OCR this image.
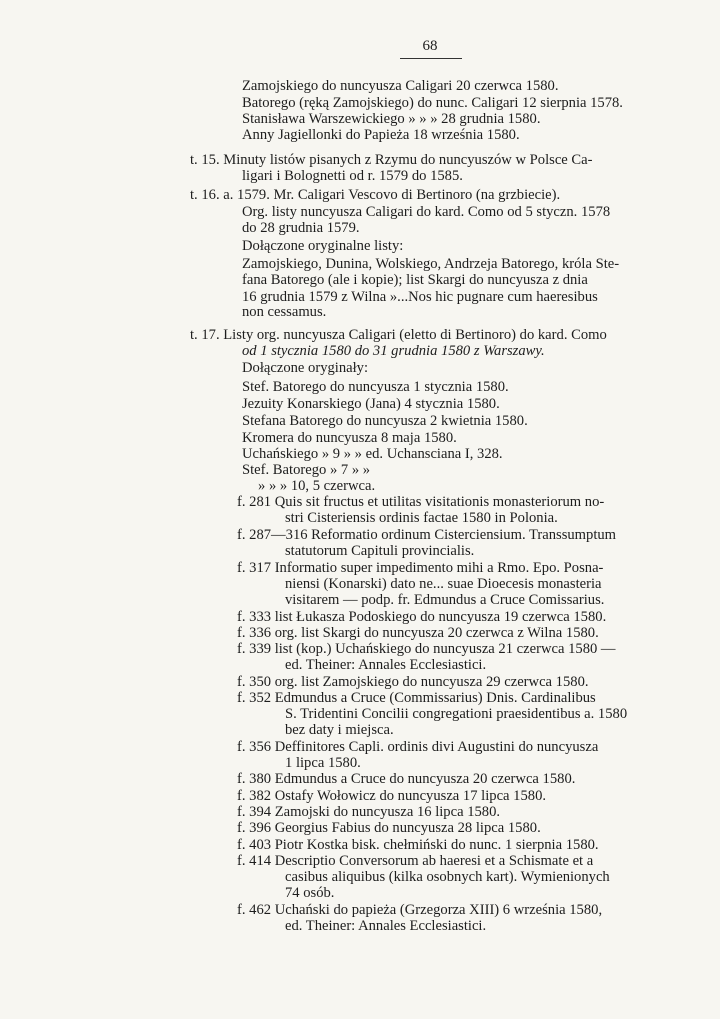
68
Zamojskiego do nuncyusza Caligari 20 czerwca 1580.
Batorego (ręką Zamojskiego) do nunc. Caligari 12 sierpnia 1578.
Stanisława Warszewickiego » » » 28 grudnia 1580.
Anny Jagiellonki do Papieża 18 września 1580.
t. 15. Minuty listów pisanych z Rzymu do nuncyuszów w Polsce Ca-
ligari i Bolognetti od r. 1579 do 1585.
t. 16. a. 1579. Mr. Caligari Vescovo di Bertinoro (na grzbiecie).
Org. listy nuncyusza Caligari do kard. Como od 5 styczn. 1578
do 28 grudnia 1579.
Dołączone oryginalne listy:
Zamojskiego, Dunina, Wolskiego, Andrzeja Batorego, króla Ste-
fana Batorego (ale i kopie); list Skargi do nuncyusza z dnia
16 grudnia 1579 z Wilna »...Nos hic pugnare cum haeresibus
non cessamus.
t. 17. Listy org. nuncyusza Caligari (eletto di Bertinoro) do kard. Como
od 1 stycznia 1580 do 31 grudnia 1580 z Warszawy.
Dołączone oryginały:
Stef. Batorego do nuncyusza 1 stycznia 1580.
Jezuity Konarskiego (Jana) 4 stycznia 1580.
Stefana Batorego do nuncyusza 2 kwietnia 1580.
Kromera do nuncyusza 8 maja 1580.
Uchańskiego » 9 » » ed. Uchansciana I, 328.
Stef. Batorego » 7 » »
» » » 10, 5 czerwca.
f. 281 Quis sit fructus et utilitas visitationis monasteriorum no-
stri Cisteriensis ordinis factae 1580 in Polonia.
f. 287—316 Reformatio ordinum Cisterciensium. Transsumptum
statutorum Capituli provincialis.
f. 317 Informatio super impedimento mihi a Rmo. Epo. Posna-
niensi (Konarski) dato ne... suae Dioecesis monasteria
visitarem — podp. fr. Edmundus a Cruce Comissarius.
f. 333 list Łukasza Podoskiego do nuncyusza 19 czerwca 1580.
f. 336 org. list Skargi do nuncyusza 20 czerwca z Wilna 1580.
f. 339 list (kop.) Uchańskiego do nuncyusza 21 czerwca 1580 —
ed. Theiner: Annales Ecclesiastici.
f. 350 org. list Zamojskiego do nuncyusza 29 czerwca 1580.
f. 352 Edmundus a Cruce (Commissarius) Dnis. Cardinalibus
S. Tridentini Concilii congregationi praesidentibus a. 1580
bez daty i miejsca.
f. 356 Deffinitores Capli. ordinis divi Augustini do nuncyusza
1 lipca 1580.
f. 380 Edmundus a Cruce do nuncyusza 20 czerwca 1580.
f. 382 Ostafy Wołowicz do nuncyusza 17 lipca 1580.
f. 394 Zamojski do nuncyusza 16 lipca 1580.
f. 396 Georgius Fabius do nuncyusza 28 lipca 1580.
f. 403 Piotr Kostka bisk. chełmiński do nunc. 1 sierpnia 1580.
f. 414 Descriptio Conversorum ab haeresi et a Schismate et a
casibus aliquibus (kilka osobnych kart). Wymienionych
74 osób.
f. 462 Uchański do papieża (Grzegorza XIII) 6 września 1580,
ed. Theiner: Annales Ecclesiastici.
